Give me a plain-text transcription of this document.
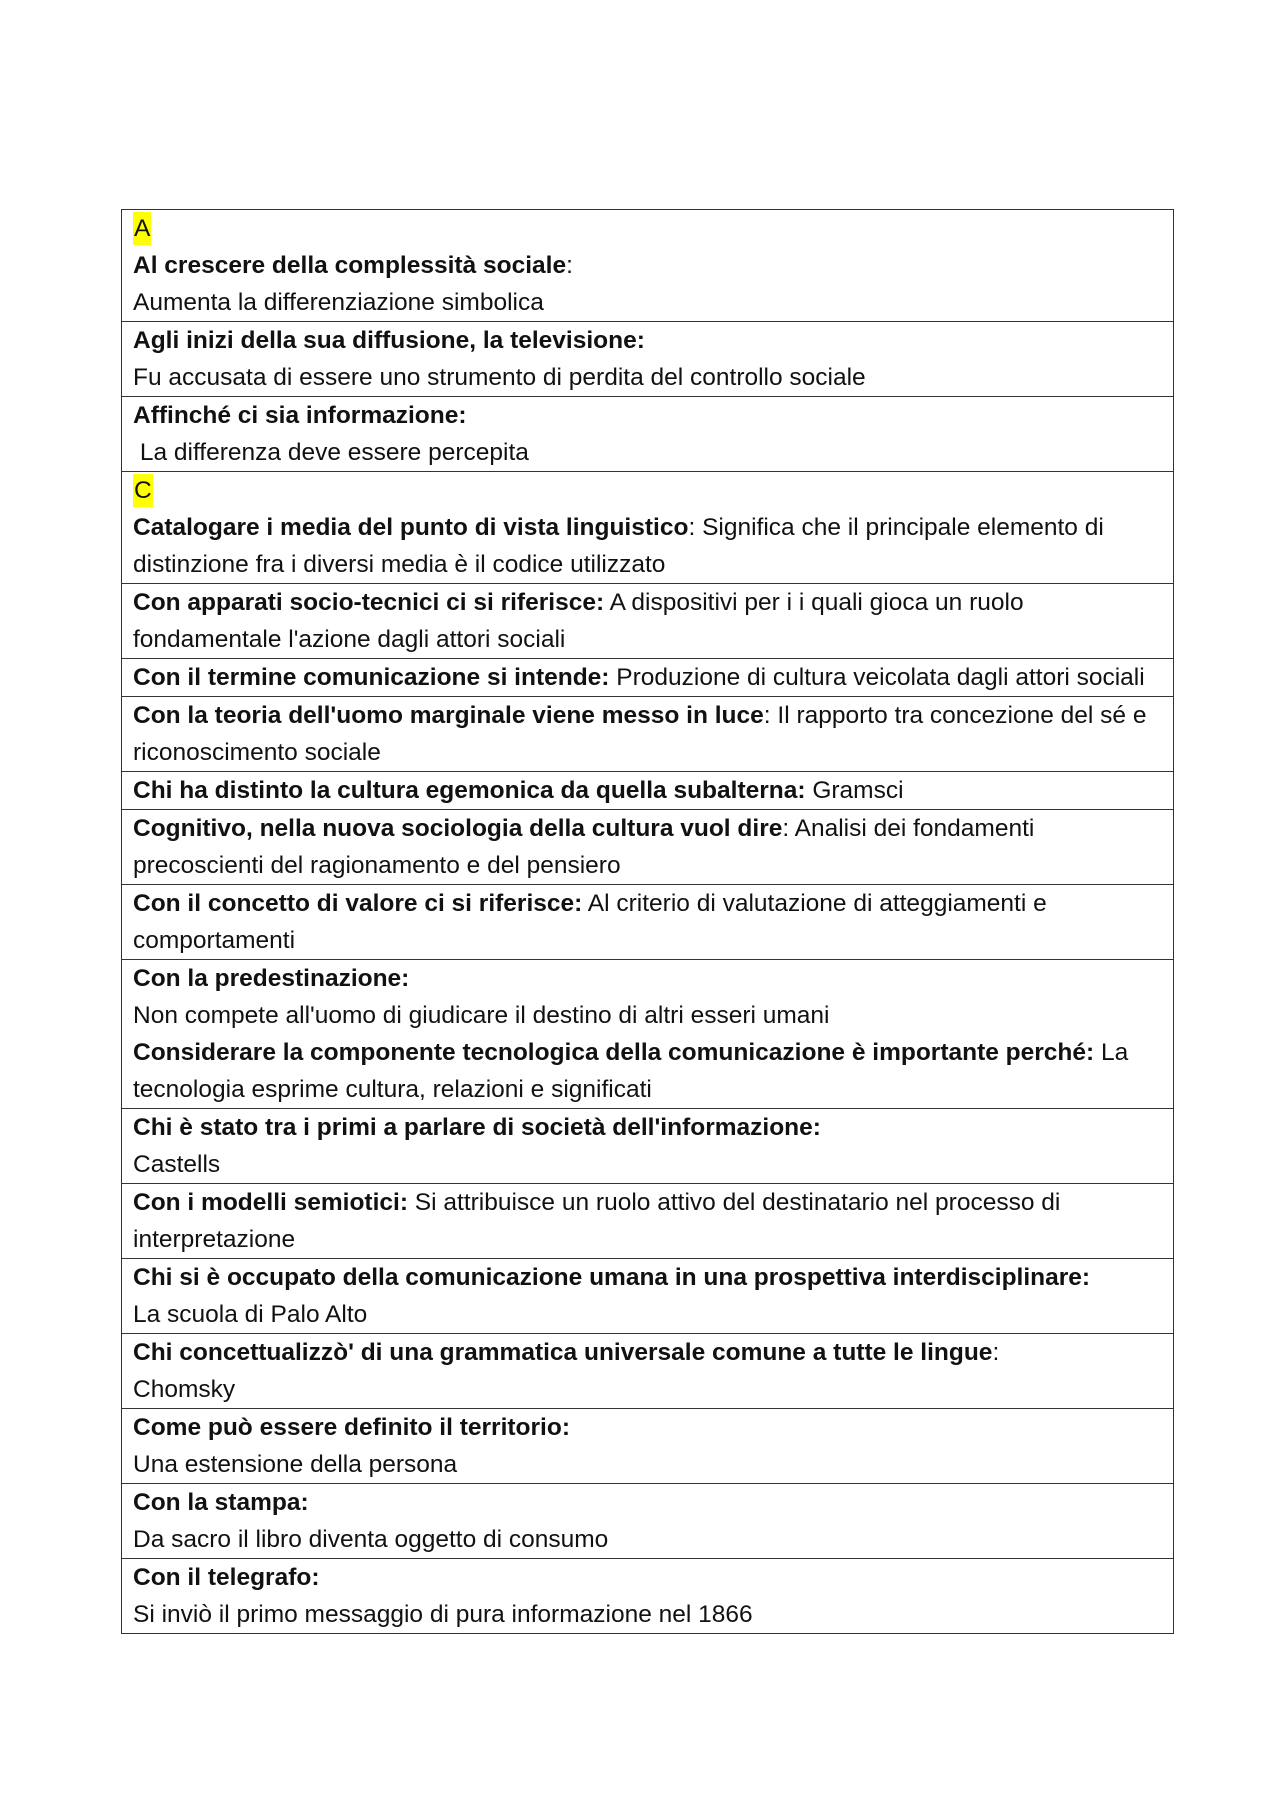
A
Al crescere della complessità sociale:
Aumenta la differenziazione simbolica

Agli inizi della sua diffusione, la televisione:
Fu accusata di essere uno strumento di perdita del controllo sociale

Affinché ci sia informazione:
La differenza deve essere percepita

C
Catalogare i media del punto di vista linguistico: Significa che il principale elemento di distinzione fra i diversi media è il codice utilizzato

Con apparati socio-tecnici ci si riferisce: A dispositivi per i i quali gioca un ruolo fondamentale l'azione dagli attori sociali

Con il termine comunicazione si intende: Produzione di cultura veicolata dagli attori sociali

Con la teoria dell'uomo marginale viene messo in luce: Il rapporto tra concezione del sé e riconoscimento sociale

Chi ha distinto la cultura egemonica da quella subalterna: Gramsci

Cognitivo, nella nuova sociologia della cultura vuol dire: Analisi dei fondamenti precoscienti del ragionamento e del pensiero

Con il concetto di valore ci si riferisce: Al criterio di valutazione di atteggiamenti e comportamenti

Con la predestinazione:
Non compete all'uomo di giudicare il destino di altri esseri umani
Considerare la componente tecnologica della comunicazione è importante perché: La tecnologia esprime cultura, relazioni e significati

Chi è stato tra i primi a parlare di società dell'informazione:
Castells

Con i modelli semiotici: Si attribuisce un ruolo attivo del destinatario nel processo di interpretazione

Chi si è occupato della comunicazione umana in una prospettiva interdisciplinare:
La scuola di Palo Alto

Chi concettualizzò' di una grammatica universale comune a tutte le lingue:
Chomsky

Come può essere definito il territorio:
Una estensione della persona

Con la stampa:
Da sacro il libro diventa oggetto di consumo

Con il telegrafo:
Si inviò il primo messaggio di pura informazione nel 1866
